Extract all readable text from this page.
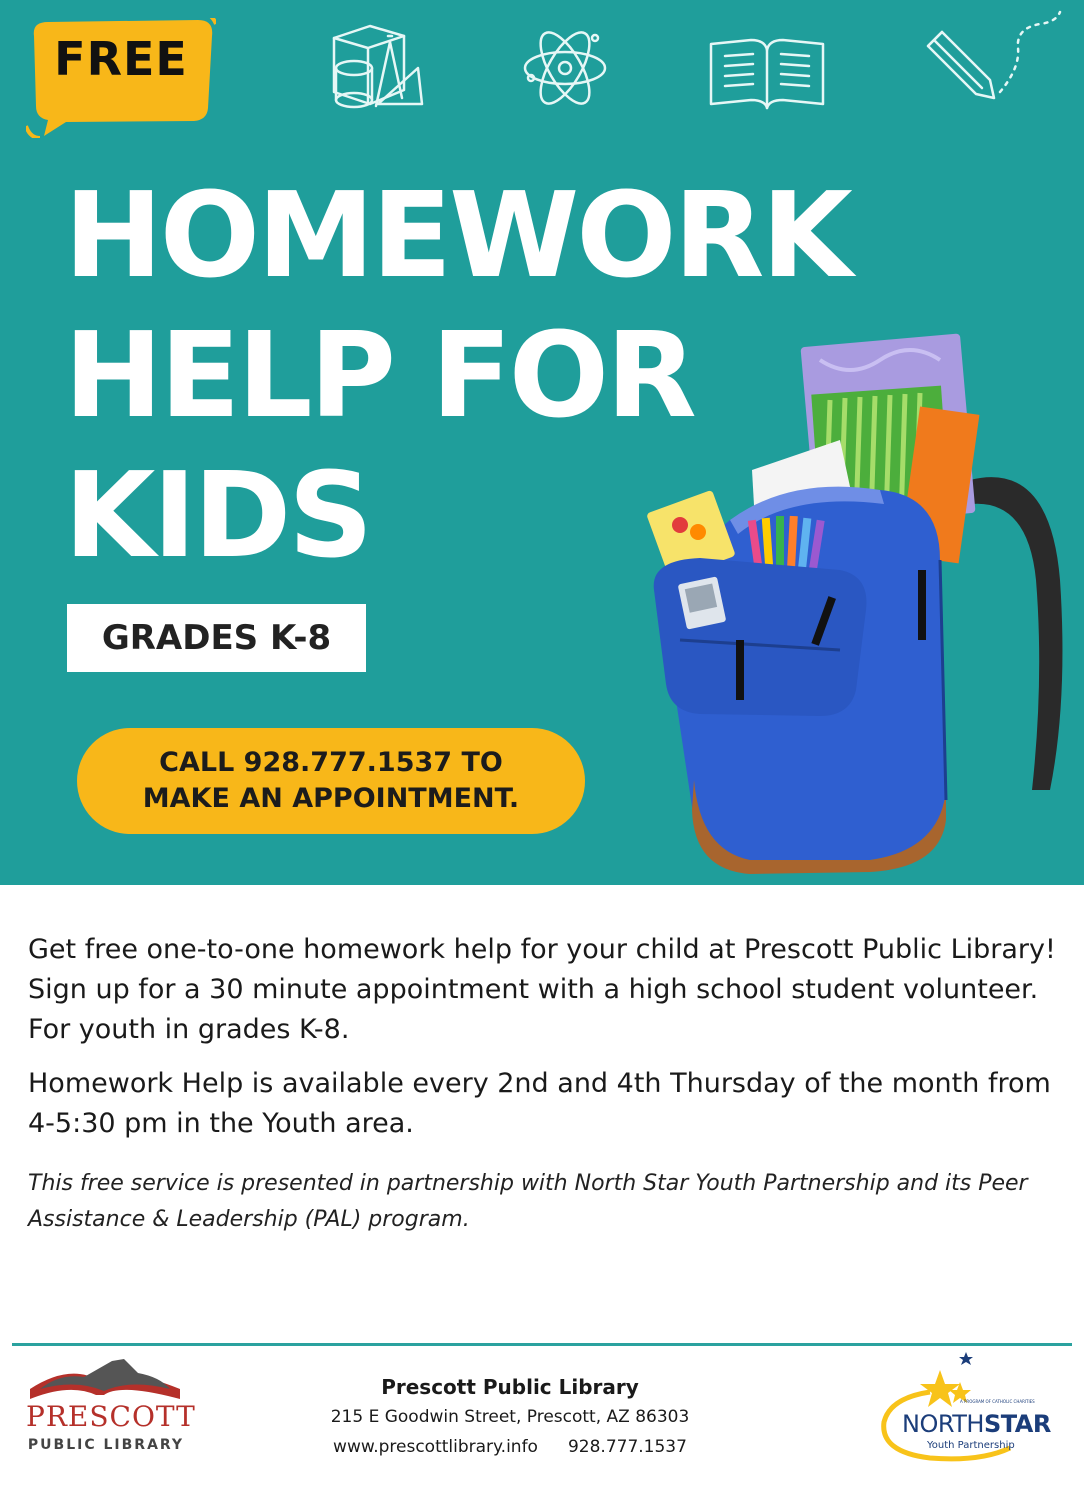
FREE
HOMEWORK
HELP FOR
KIDS
GRADES K-8
CALL 928.777.1537 TO
MAKE AN APPOINTMENT.

Get free one-to-one homework help for your child at Prescott Public Library! Sign up for a 30 minute appointment with a high school student volunteer. For youth in grades K-8.

Homework Help is available every 2nd and 4th Thursday of the month from 4-5:30 pm in the Youth area.

This free service is presented in partnership with North Star Youth Partnership and its Peer Assistance & Leadership (PAL) program.

PRESCOTT
PUBLIC LIBRARY
Prescott Public Library
215 E Goodwin Street, Prescott, AZ 86303
www.prescottlibrary.info 928.777.1537
A PROGRAM OF CATHOLIC CHARITIES
NORTHSTAR
Youth Partnership
